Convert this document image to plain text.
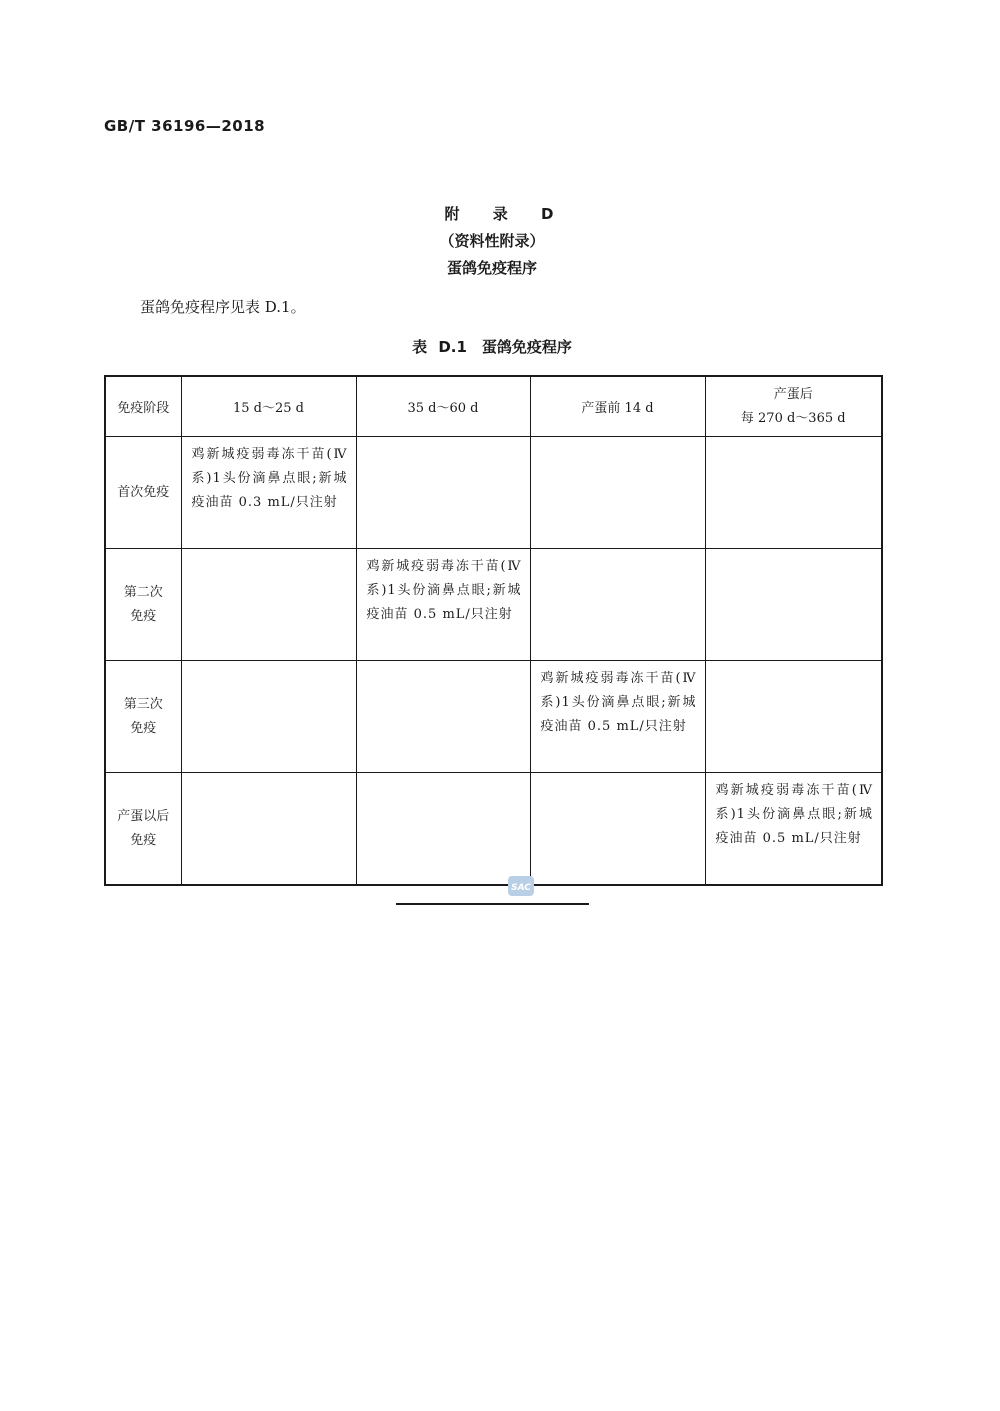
GB/T 36196—2018
附 录 D
（资料性附录）
蛋鸽免疫程序
蛋鸽免疫程序见表 D.1。
表 D.1　蛋鸽免疫程序
免疫阶段	15 d～25 d	35 d～60 d	产蛋前 14 d	产蛋后
每 270 d～365 d

首次免疫	鸡新城疫弱毒冻干苗(Ⅳ系)1头份滴鼻点眼;新城疫油苗 0.3 mL/只注射			

第二次
免疫		鸡新城疫弱毒冻干苗(Ⅳ系)1头份滴鼻点眼;新城疫油苗 0.5 mL/只注射		

第三次
免疫			鸡新城疫弱毒冻干苗(Ⅳ系)1头份滴鼻点眼;新城疫油苗 0.5 mL/只注射	

产蛋以后
免疫				鸡新城疫弱毒冻干苗(Ⅳ系)1头份滴鼻点眼;新城疫油苗 0.5 mL/只注射
SAC
